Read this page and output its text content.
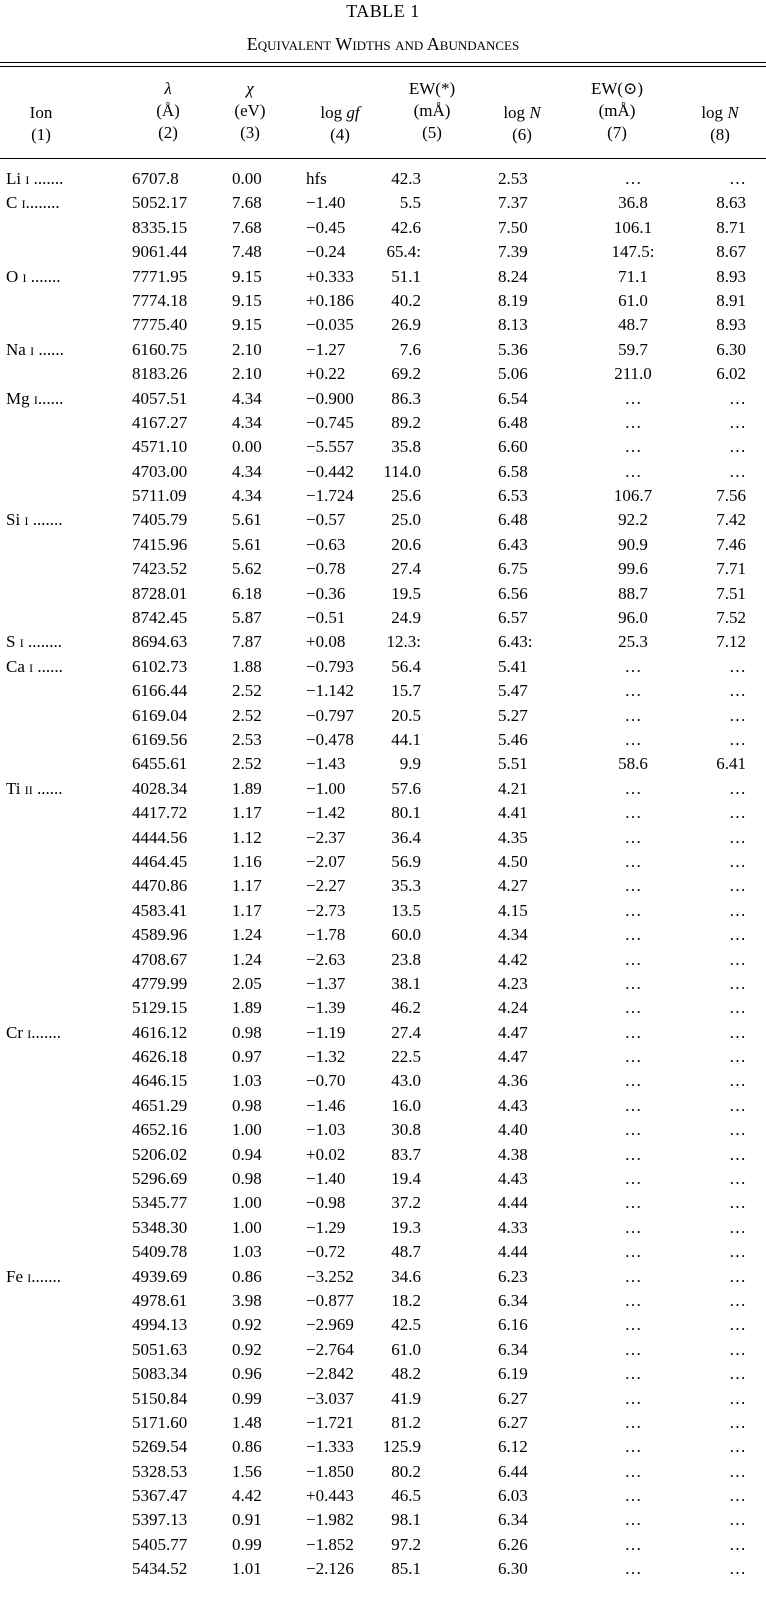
TABLE 1
Equivalent Widths and Abundances
Ion
(1)
λ
(Å)
(2)
χ
(eV)
(3)
log gf
(4)
EW(*)
(mÅ)
(5)
log N
(6)
EW(⊙)
(mÅ)
(7)
log N
(8)
Li i .......	6707.8	0.00	hfs	42.3	2.53	…	…
C i........	5052.17	7.68	−1.40	5.5	7.37	36.8	8.63
8335.15	7.68	−0.45	42.6	7.50	106.1	8.71
9061.44	7.48	−0.24	65.4:	7.39	147.5:	8.67
O i .......	7771.95	9.15	+0.333	51.1	8.24	71.1	8.93
7774.18	9.15	+0.186	40.2	8.19	61.0	8.91
7775.40	9.15	−0.035	26.9	8.13	48.7	8.93
Na i ......	6160.75	2.10	−1.27	7.6	5.36	59.7	6.30
8183.26	2.10	+0.22	69.2	5.06	211.0	6.02
Mg i......	4057.51	4.34	−0.900	86.3	6.54	…	…
4167.27	4.34	−0.745	89.2	6.48	…	…
4571.10	0.00	−5.557	35.8	6.60	…	…
4703.00	4.34	−0.442	114.0	6.58	…	…
5711.09	4.34	−1.724	25.6	6.53	106.7	7.56
Si i .......	7405.79	5.61	−0.57	25.0	6.48	92.2	7.42
7415.96	5.61	−0.63	20.6	6.43	90.9	7.46
7423.52	5.62	−0.78	27.4	6.75	99.6	7.71
8728.01	6.18	−0.36	19.5	6.56	88.7	7.51
8742.45	5.87	−0.51	24.9	6.57	96.0	7.52
S i ........	8694.63	7.87	+0.08	12.3:	6.43:	25.3	7.12
Ca i ......	6102.73	1.88	−0.793	56.4	5.41	…	…
6166.44	2.52	−1.142	15.7	5.47	…	…
6169.04	2.52	−0.797	20.5	5.27	…	…
6169.56	2.53	−0.478	44.1	5.46	…	…
6455.61	2.52	−1.43	9.9	5.51	58.6	6.41
Ti ii ......	4028.34	1.89	−1.00	57.6	4.21	…	…
4417.72	1.17	−1.42	80.1	4.41	…	…
4444.56	1.12	−2.37	36.4	4.35	…	…
4464.45	1.16	−2.07	56.9	4.50	…	…
4470.86	1.17	−2.27	35.3	4.27	…	…
4583.41	1.17	−2.73	13.5	4.15	…	…
4589.96	1.24	−1.78	60.0	4.34	…	…
4708.67	1.24	−2.63	23.8	4.42	…	…
4779.99	2.05	−1.37	38.1	4.23	…	…
5129.15	1.89	−1.39	46.2	4.24	…	…
Cr i.......	4616.12	0.98	−1.19	27.4	4.47	…	…
4626.18	0.97	−1.32	22.5	4.47	…	…
4646.15	1.03	−0.70	43.0	4.36	…	…
4651.29	0.98	−1.46	16.0	4.43	…	…
4652.16	1.00	−1.03	30.8	4.40	…	…
5206.02	0.94	+0.02	83.7	4.38	…	…
5296.69	0.98	−1.40	19.4	4.43	…	…
5345.77	1.00	−0.98	37.2	4.44	…	…
5348.30	1.00	−1.29	19.3	4.33	…	…
5409.78	1.03	−0.72	48.7	4.44	…	…
Fe i.......	4939.69	0.86	−3.252	34.6	6.23	…	…
4978.61	3.98	−0.877	18.2	6.34	…	…
4994.13	0.92	−2.969	42.5	6.16	…	…
5051.63	0.92	−2.764	61.0	6.34	…	…
5083.34	0.96	−2.842	48.2	6.19	…	…
5150.84	0.99	−3.037	41.9	6.27	…	…
5171.60	1.48	−1.721	81.2	6.27	…	…
5269.54	0.86	−1.333	125.9	6.12	…	…
5328.53	1.56	−1.850	80.2	6.44	…	…
5367.47	4.42	+0.443	46.5	6.03	…	…
5397.13	0.91	−1.982	98.1	6.34	…	…
5405.77	0.99	−1.852	97.2	6.26	…	…
5434.52	1.01	−2.126	85.1	6.30	…	…
